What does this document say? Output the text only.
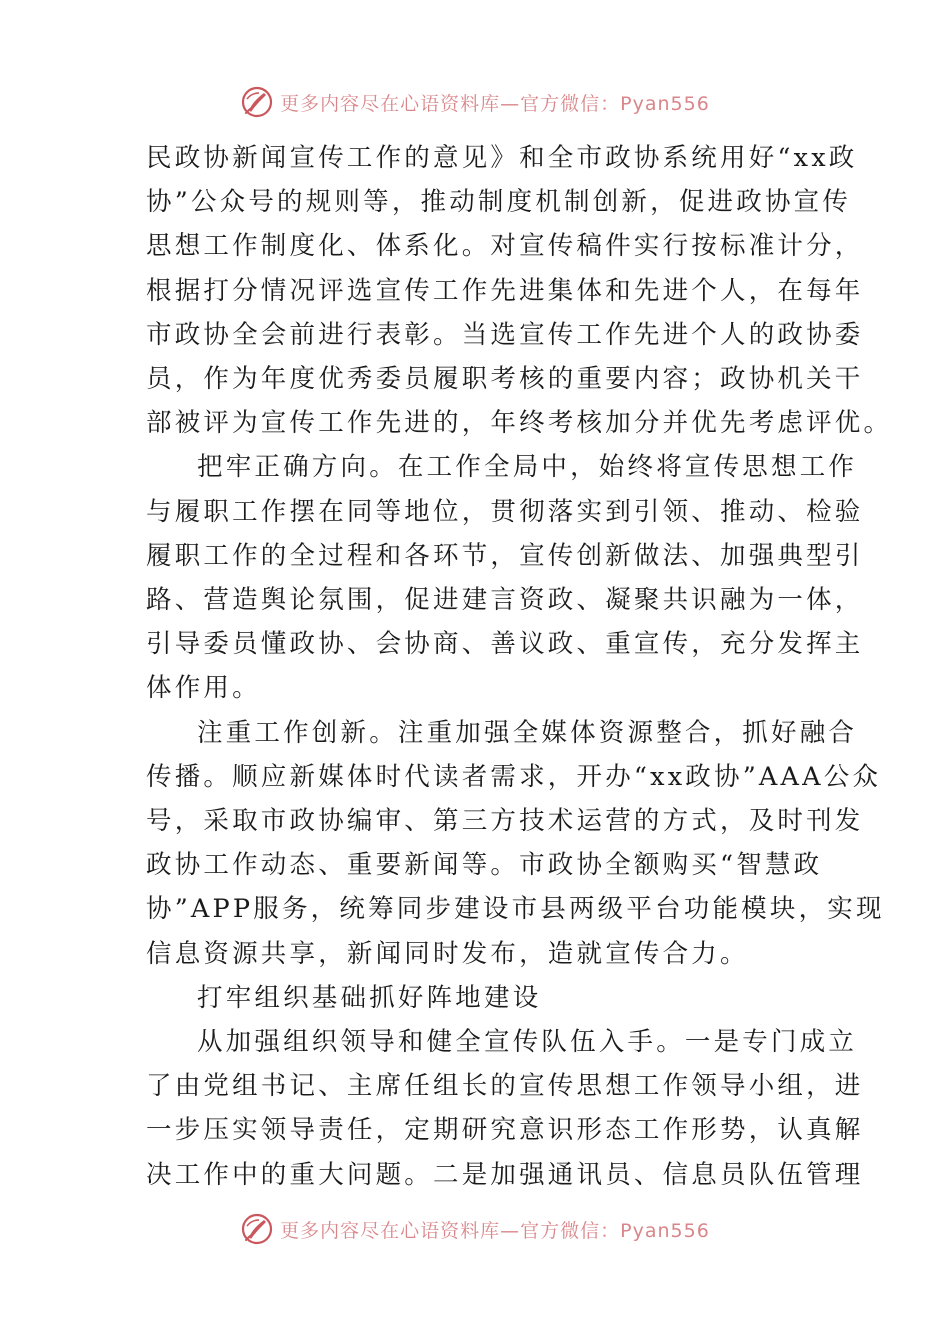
更多内容尽在心语资料库—官方微信：Pyan556
民政协新闻宣传工作的意见》和全市政协系统用好“xx政
协”公众号的规则等，推动制度机制创新，促进政协宣传
思想工作制度化、体系化。对宣传稿件实行按标准计分，
根据打分情况评选宣传工作先进集体和先进个人，在每年
市政协全会前进行表彰。当选宣传工作先进个人的政协委
员，作为年度优秀委员履职考核的重要内容；政协机关干
部被评为宣传工作先进的，年终考核加分并优先考虑评优。
把牢正确方向。在工作全局中，始终将宣传思想工作
与履职工作摆在同等地位，贯彻落实到引领、推动、检验
履职工作的全过程和各环节，宣传创新做法、加强典型引
路、营造舆论氛围，促进建言资政、凝聚共识融为一体，
引导委员懂政协、会协商、善议政、重宣传，充分发挥主
体作用。
注重工作创新。注重加强全媒体资源整合，抓好融合
传播。顺应新媒体时代读者需求，开办“xx政协”AAA公众
号，采取市政协编审、第三方技术运营的方式，及时刊发
政协工作动态、重要新闻等。市政协全额购买“智慧政
协”APP服务，统筹同步建设市县两级平台功能模块，实现
信息资源共享，新闻同时发布，造就宣传合力。
打牢组织基础抓好阵地建设
从加强组织领导和健全宣传队伍入手。一是专门成立
了由党组书记、主席任组长的宣传思想工作领导小组，进
一步压实领导责任，定期研究意识形态工作形势，认真解
决工作中的重大问题。二是加强通讯员、信息员队伍管理
更多内容尽在心语资料库—官方微信：Pyan556
